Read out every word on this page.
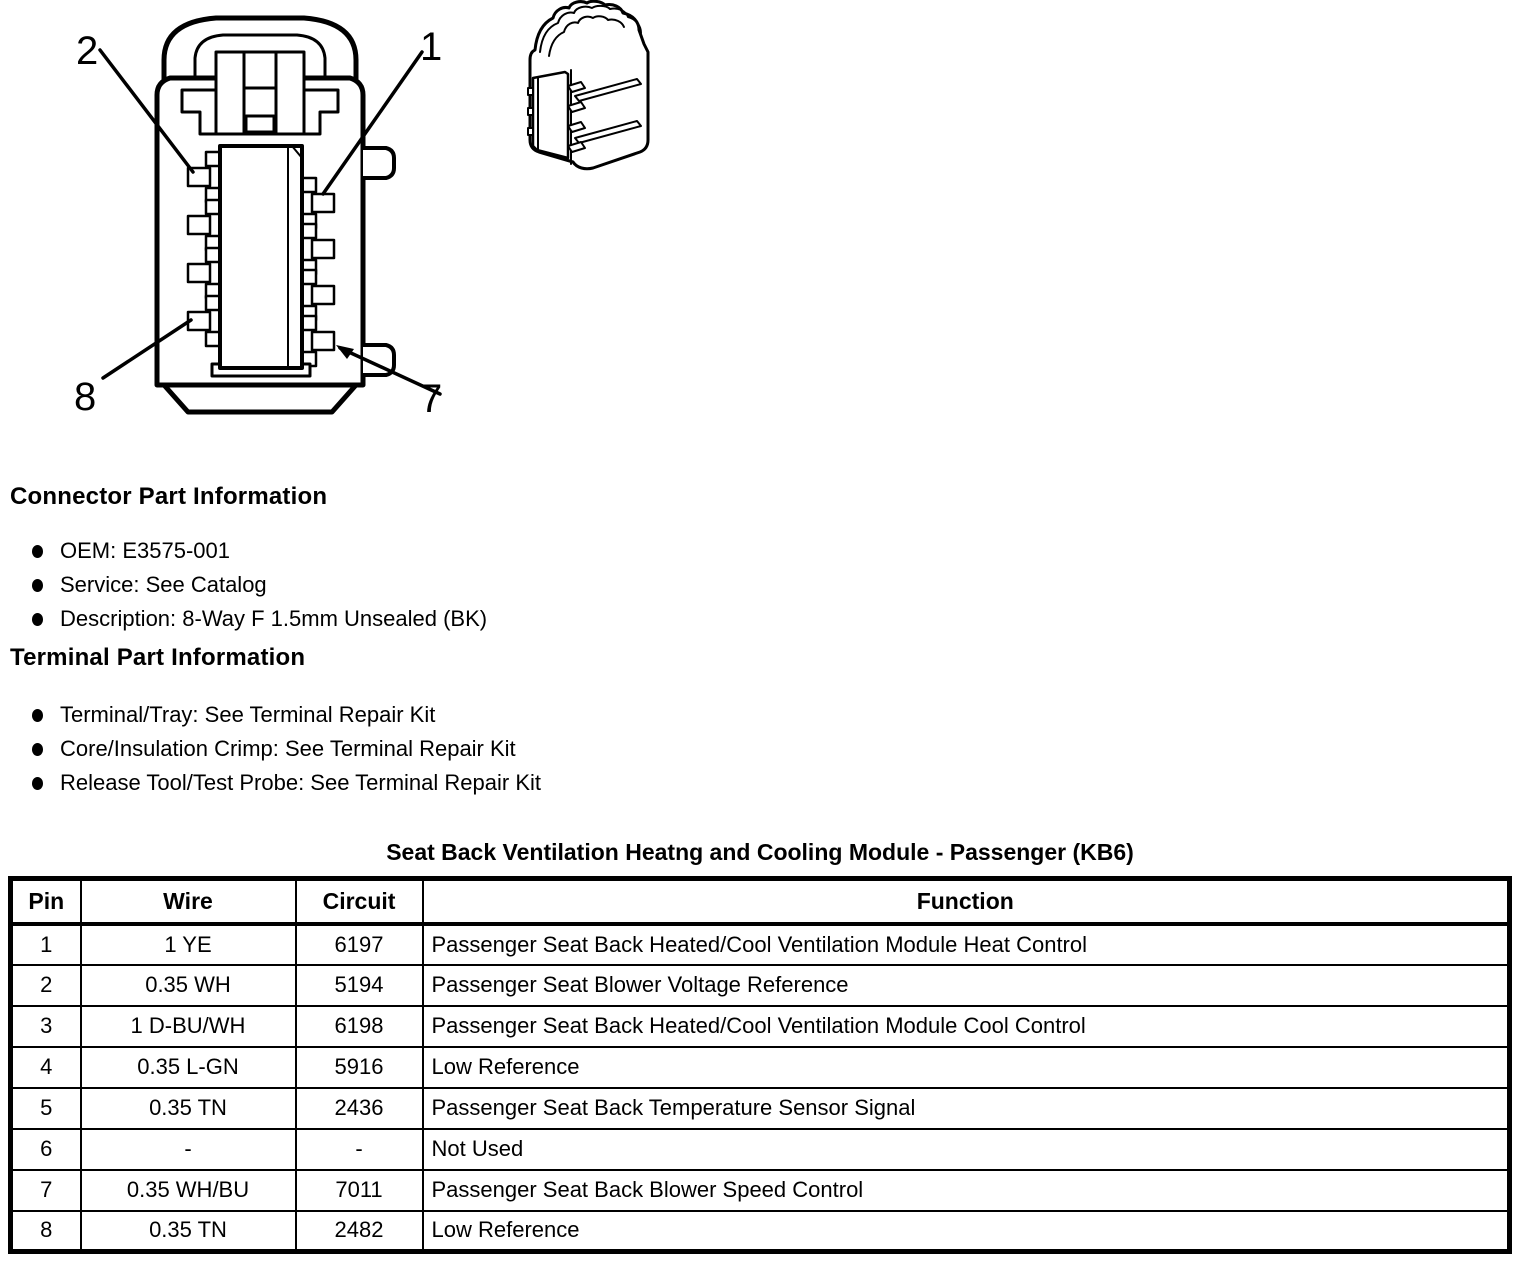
2	1
8	7
Connector Part Information
OEM: E3575-001
Service: See Catalog
Description: 8-Way F 1.5mm Unsealed (BK)
Terminal Part Information
Terminal/Tray: See Terminal Repair Kit
Core/Insulation Crimp: See Terminal Repair Kit
Release Tool/Test Probe: See Terminal Repair Kit
Seat Back Ventilation Heatng and Cooling Module - Passenger (KB6)
Pin	Wire	Circuit	Function
1	1 YE	6197	Passenger Seat Back Heated/Cool Ventilation Module Heat Control
2	0.35 WH	5194	Passenger Seat Blower Voltage Reference
3	1 D-BU/WH	6198	Passenger Seat Back Heated/Cool Ventilation Module Cool Control
4	0.35 L-GN	5916	Low Reference
5	0.35 TN	2436	Passenger Seat Back Temperature Sensor Signal
6	-	-	Not Used
7	0.35 WH/BU	7011	Passenger Seat Back Blower Speed Control
8	0.35 TN	2482	Low Reference
